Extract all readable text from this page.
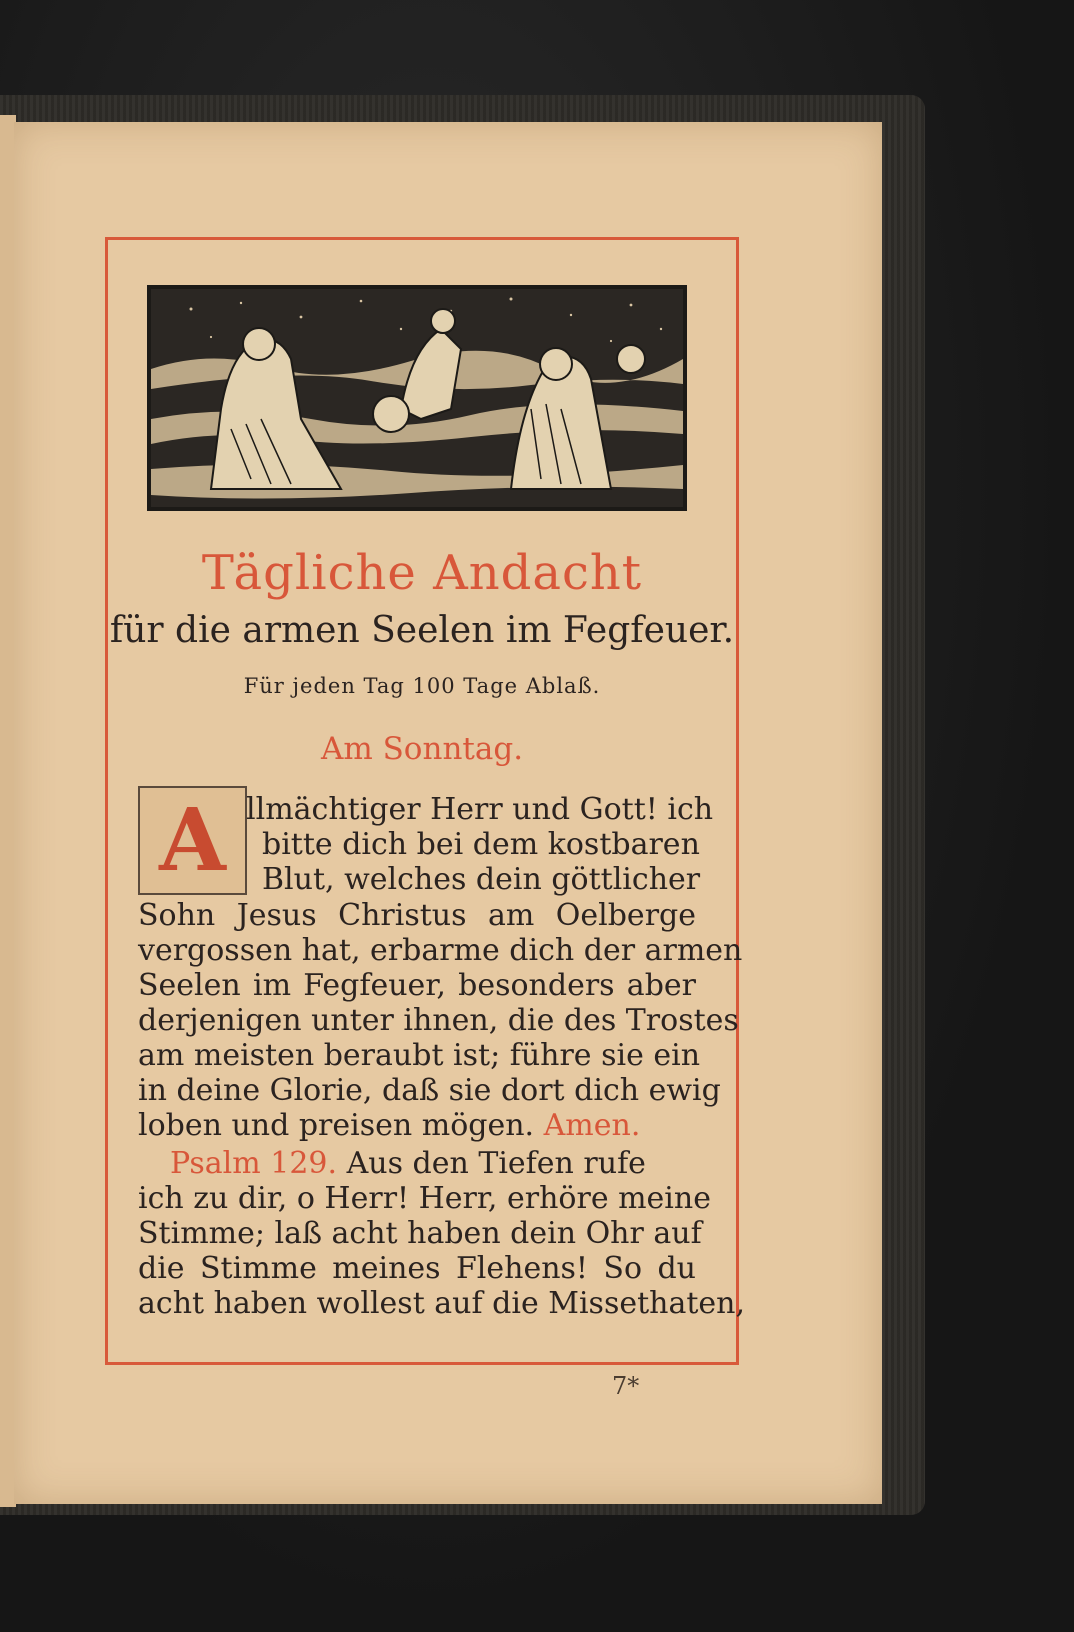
Tägliche Andacht
für die armen Seelen im Fegfeuer.
Für jeden Tag 100 Tage Ablaß.
Am Sonntag.
A llmächtiger Herr und Gott! ich
bitte dich bei dem kostbaren
Blut, welches dein göttlicher
Sohn Jesus Christus am Oelberge
vergossen hat, erbarme dich der armen
Seelen im Fegfeuer, besonders aber
derjenigen unter ihnen, die des Trostes
am meisten beraubt ist; führe sie ein
in deine Glorie, daß sie dort dich ewig
loben und preisen mögen. Amen.
Psalm 129. Aus den Tiefen rufe
ich zu dir, o Herr! Herr, erhöre meine
Stimme; laß acht haben dein Ohr auf
die Stimme meines Flehens! So du
acht haben wollest auf die Missethaten,
7*
